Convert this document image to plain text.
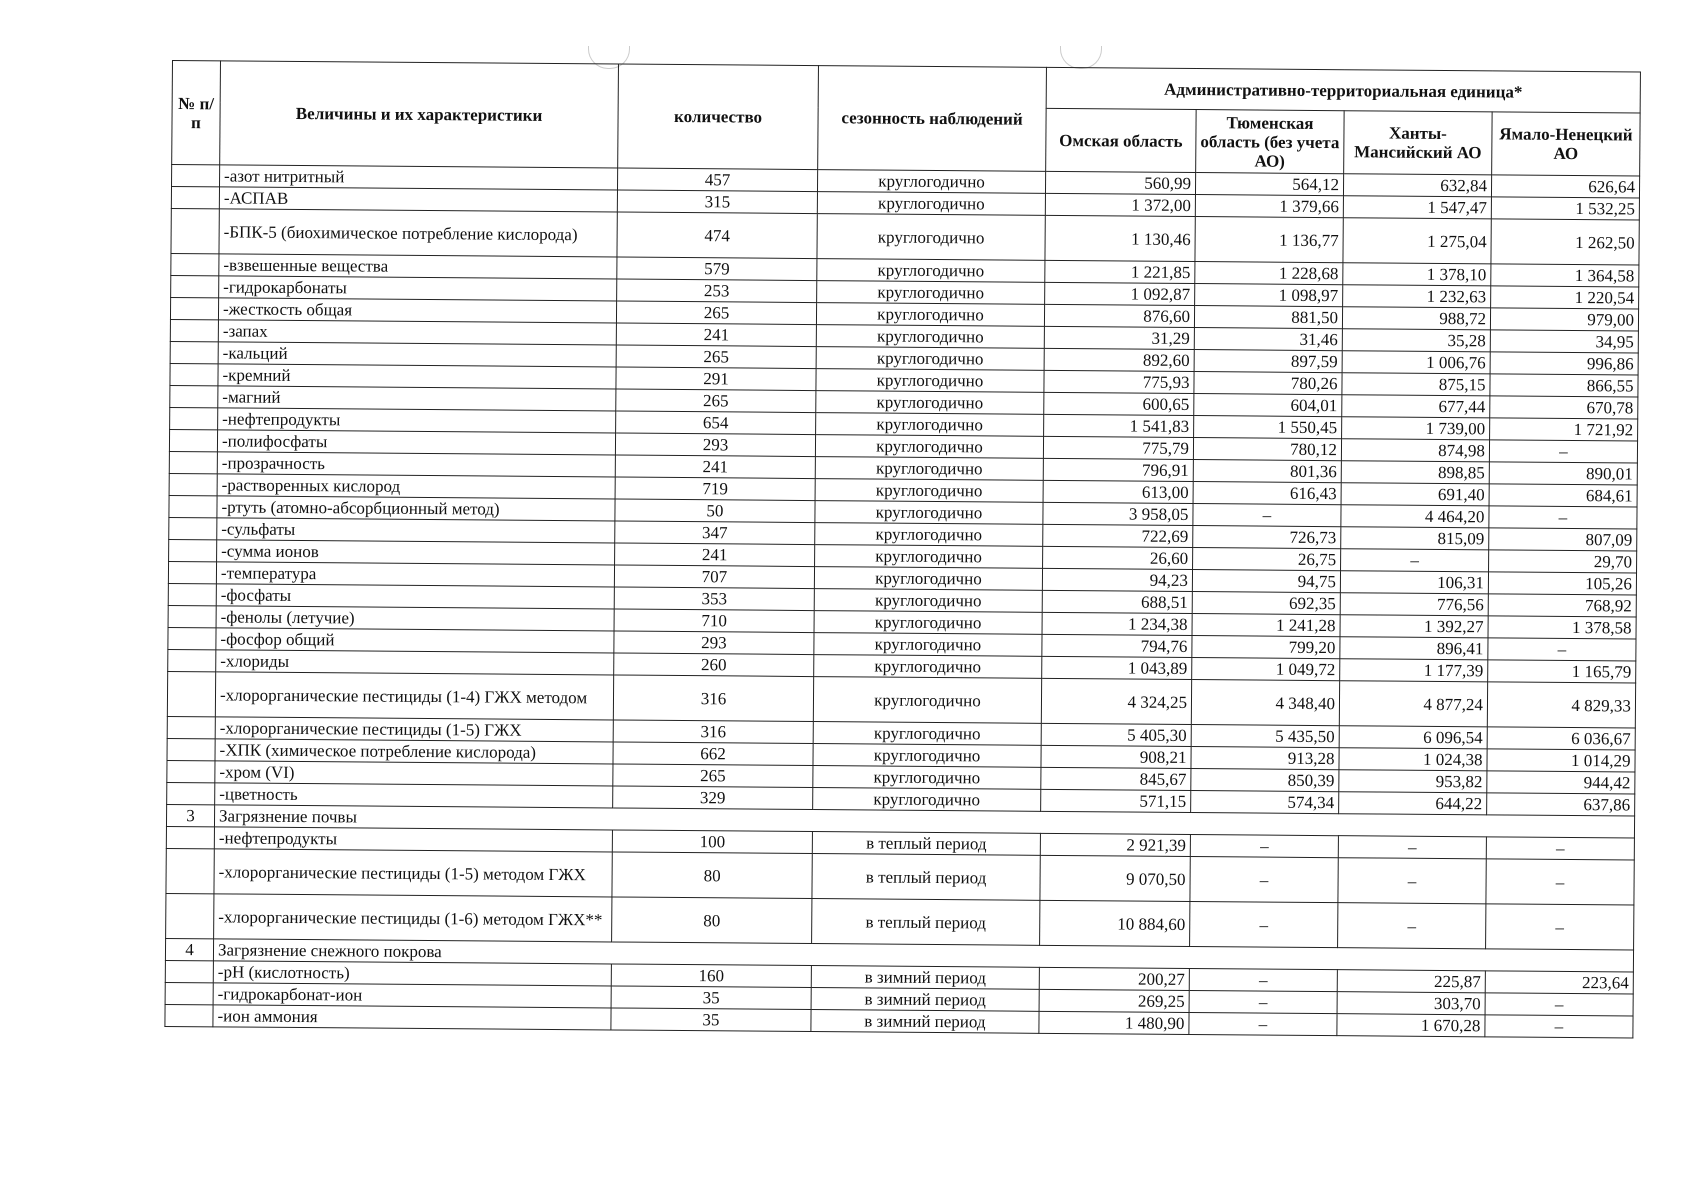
№ п/п	Величины и их характеристики	количество	сезонность наблюдений	Административно-территориальная единица*			
				Омская область	Тюменская область (без учета АО)	Ханты-Мансийский АО	Ямало-Ненецкий АО
	-азот нитритный	457	круглогодично	560,99	564,12	632,84	626,64
	-АСПАВ	315	круглогодично	1 372,00	1 379,66	1 547,47	1 532,25
	-БПК-5 (биохимическое потребление кислорода)	474	круглогодично	1 130,46	1 136,77	1 275,04	1 262,50
	-взвешенные вещества	579	круглогодично	1 221,85	1 228,68	1 378,10	1 364,58
	-гидрокарбонаты	253	круглогодично	1 092,87	1 098,97	1 232,63	1 220,54
	-жесткость общая	265	круглогодично	876,60	881,50	988,72	979,00
	-запах	241	круглогодично	31,29	31,46	35,28	34,95
	-кальций	265	круглогодично	892,60	897,59	1 006,76	996,86
	-кремний	291	круглогодично	775,93	780,26	875,15	866,55
	-магний	265	круглогодично	600,65	604,01	677,44	670,78
	-нефтепродукты	654	круглогодично	1 541,83	1 550,45	1 739,00	1 721,92
	-полифосфаты	293	круглогодично	775,79	780,12	874,98	–
	-прозрачность	241	круглогодично	796,91	801,36	898,85	890,01
	-растворенных кислород	719	круглогодично	613,00	616,43	691,40	684,61
	-ртуть (атомно-абсорбционный метод)	50	круглогодично	3 958,05	–	4 464,20	–
	-сульфаты	347	круглогодично	722,69	726,73	815,09	807,09
	-сумма ионов	241	круглогодично	26,60	26,75	–	29,70
	-температура	707	круглогодично	94,23	94,75	106,31	105,26
	-фосфаты	353	круглогодично	688,51	692,35	776,56	768,92
	-фенолы (летучие)	710	круглогодично	1 234,38	1 241,28	1 392,27	1 378,58
	-фосфор общий	293	круглогодично	794,76	799,20	896,41	–
	-хлориды	260	круглогодично	1 043,89	1 049,72	1 177,39	1 165,79
	-хлорорганические пестициды (1-4) ГЖХ методом	316	круглогодично	4 324,25	4 348,40	4 877,24	4 829,33
	-хлорорганические пестициды (1-5) ГЖХ	316	круглогодично	5 405,30	5 435,50	6 096,54	6 036,67
	-ХПК (химическое потребление кислорода)	662	круглогодично	908,21	913,28	1 024,38	1 014,29
	-хром (VI)	265	круглогодично	845,67	850,39	953,82	944,42
	-цветность	329	круглогодично	571,15	574,34	644,22	637,86
3	Загрязнение почвы						
	-нефтепродукты	100	в теплый период	2 921,39	–	–	–
	-хлорорганические пестициды (1-5) методом ГЖХ	80	в теплый период	9 070,50	–	–	–
	-хлорорганические пестициды (1-6) методом ГЖХ**	80	в теплый период	10 884,60	–	–	–
4	Загрязнение снежного покрова						
	-pH (кислотность)	160	в зимний период	200,27	–	225,87	223,64
	-гидрокарбонат-ион	35	в зимний период	269,25	–	303,70	–
	-ион аммония	35	в зимний период	1 480,90	–	1 670,28	–
